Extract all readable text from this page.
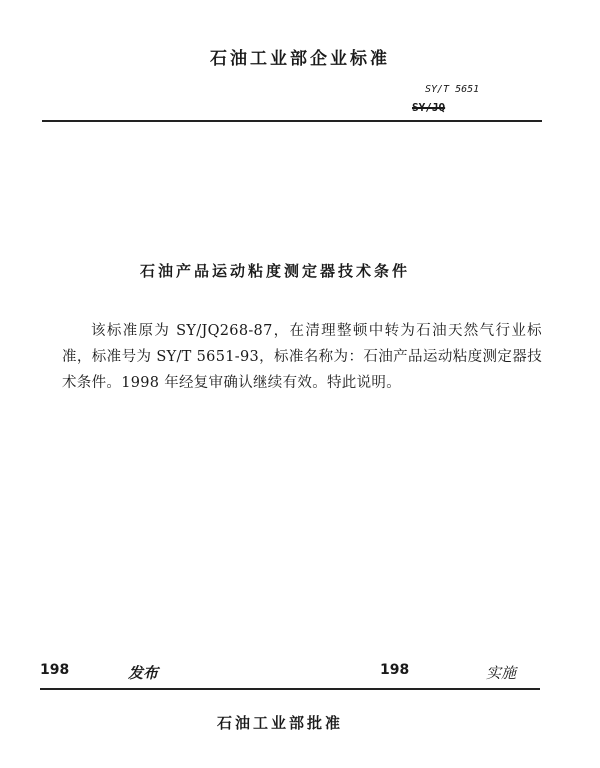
石油工业部企业标准
SY/T 5651
SY/JQ
石油产品运动粘度测定器技术条件
该标准原为 SY/JQ268-87，在清理整顿中转为石油天然气行业标准，标准号为 SY/T 5651-93，标准名称为：石油产品运动粘度测定器技术条件。1998 年经复审确认继续有效。特此说明。
198	发布	198	实施
石油工业部批准
